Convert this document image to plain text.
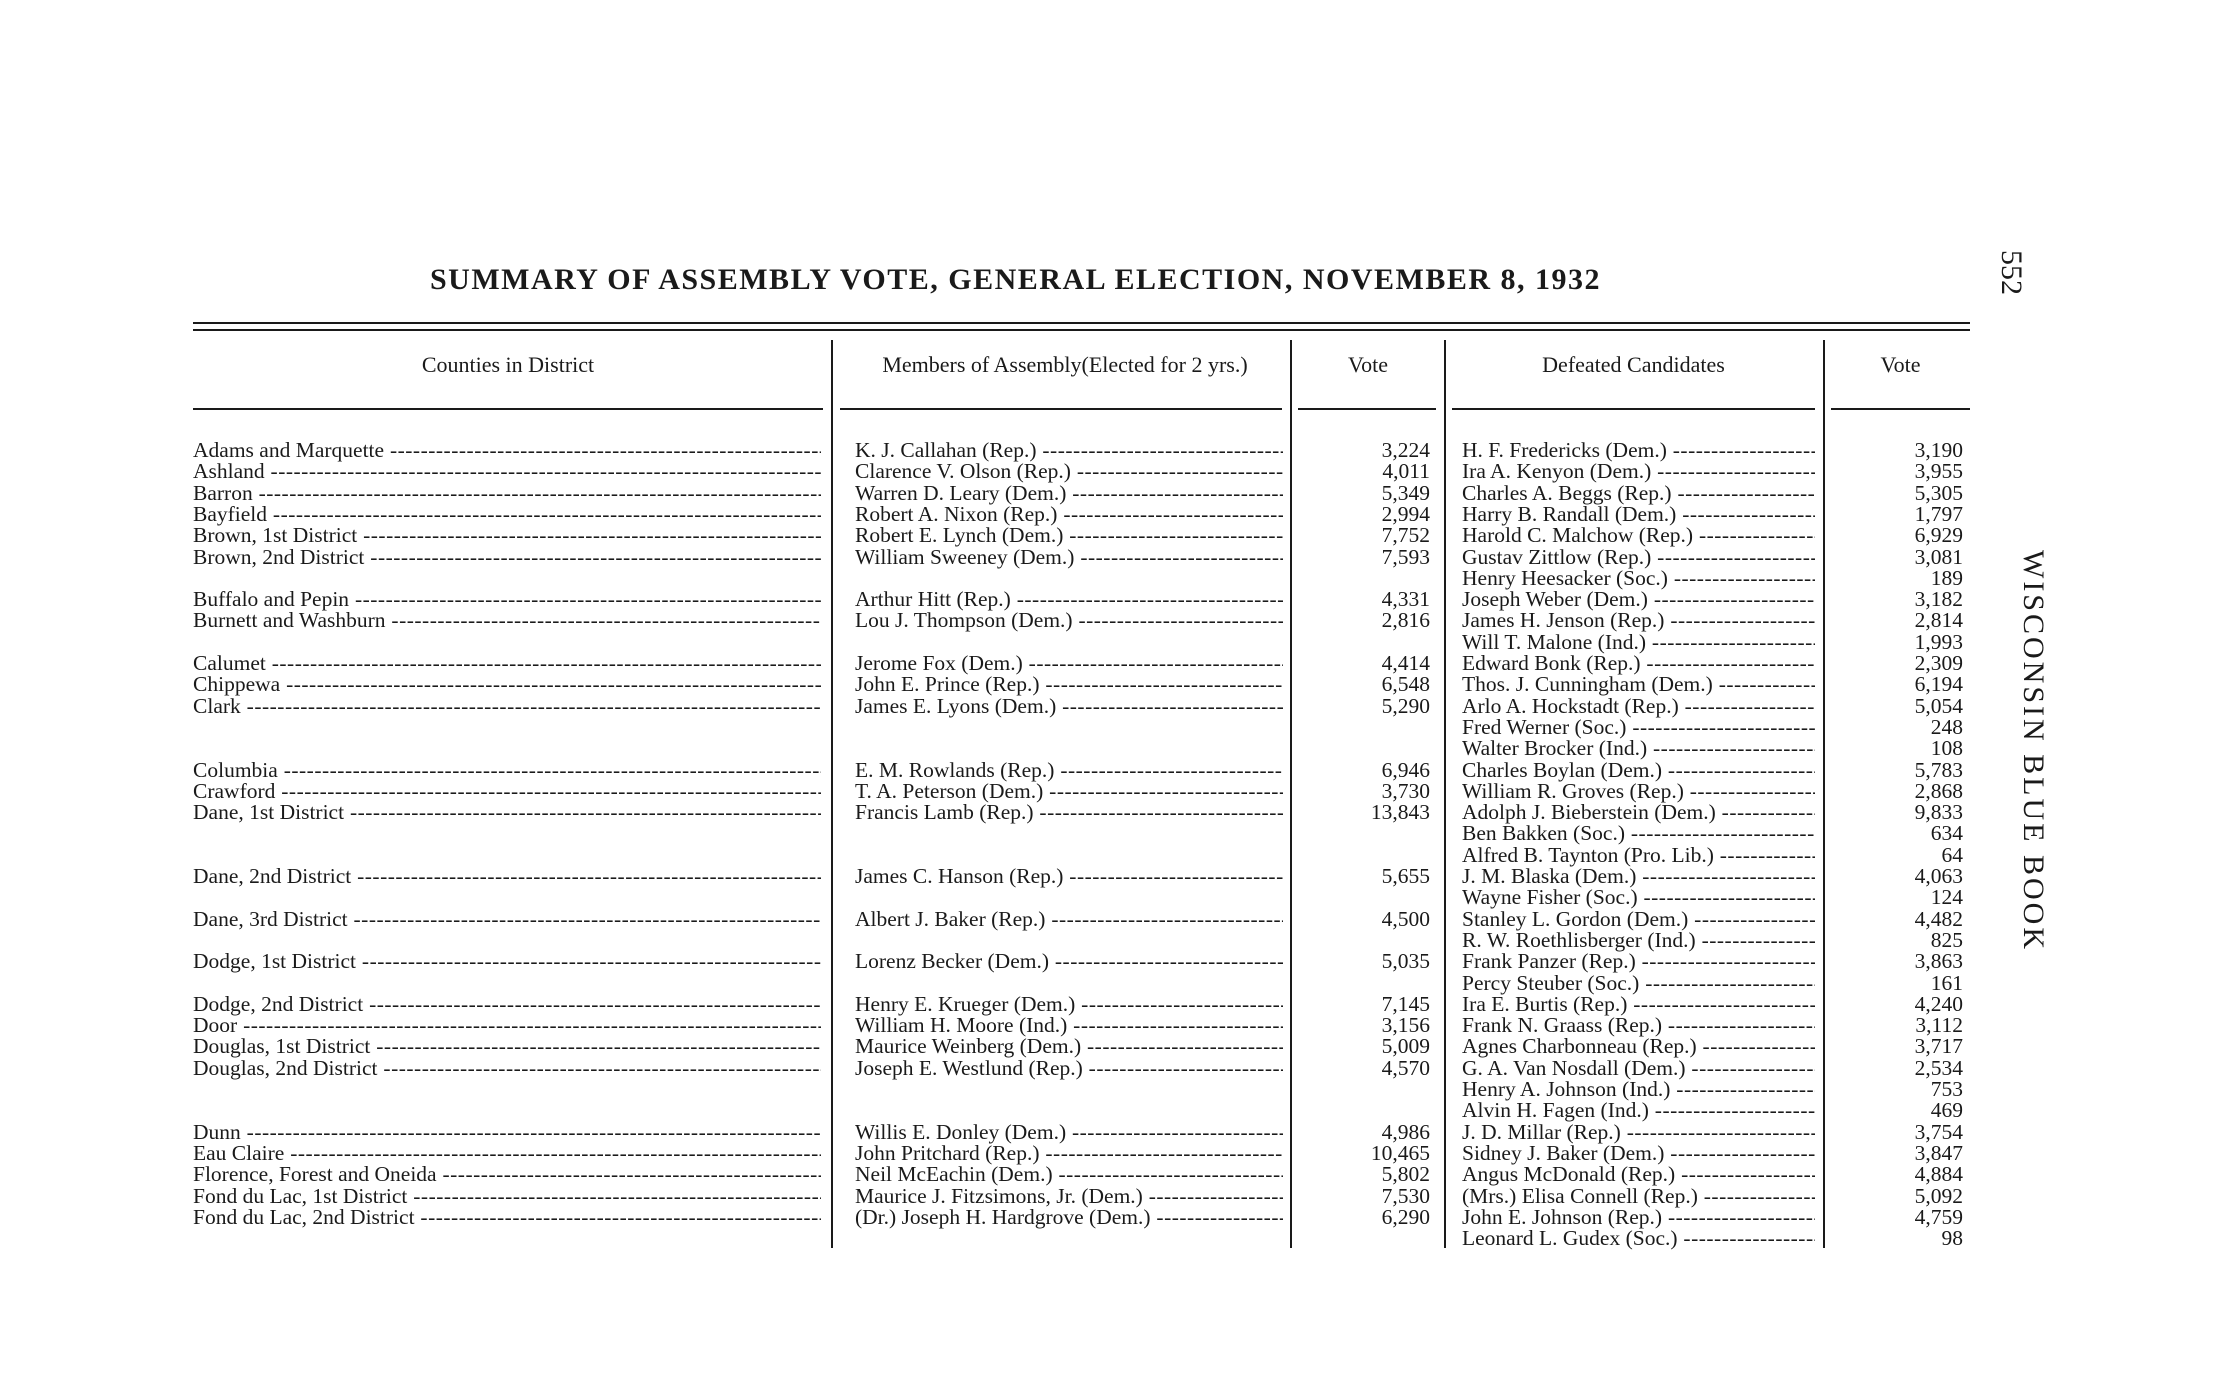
SUMMARY OF ASSEMBLY VOTE, GENERAL ELECTION, NOVEMBER 8, 1932	552
WISCONSIN BLUE BOOK
Counties in District	Members of Assembly(Elected for 2 yrs.)	Vote	Defeated Candidates	Vote
Adams and Marquette -----	K. J. Callahan (Rep.) -----	3,224 H. F. Fredericks (Dem.) -----	3,190
Ashland -----	Clarence V. Olson (Rep.) -----	4,011 Ira A. Kenyon (Dem.) -----	3,955
Barron -----	Warren D. Leary (Dem.) -----	5,349 Charles A. Beggs (Rep.) -----	5,305
Bayfield -----	Robert A. Nixon (Rep.) -----	2,994 Harry B. Randall (Dem.) -----	1,797
Brown, 1st District -----	Robert E. Lynch (Dem.) -----	7,752 Harold C. Malchow (Rep.) -----	6,929
Brown, 2nd District -----	William Sweeney (Dem.) -----	7,593 Gustav Zittlow (Rep.) -----	3,081
Henry Heesacker (Soc.) -----	189
Buffalo and Pepin -----	Arthur Hitt (Rep.) -----	4,331 Joseph Weber (Dem.) -----	3,182
Burnett and Washburn -----	Lou J. Thompson (Dem.) -----	2,816 James H. Jenson (Rep.) -----	2,814
Will T. Malone (Ind.) -----	1,993
Calumet -----	Jerome Fox (Dem.) -----	4,414 Edward Bonk (Rep.) -----	2,309
Chippewa -----	John E. Prince (Rep.) -----	6,548 Thos. J. Cunningham (Dem.) -----	6,194
Clark -----	James E. Lyons (Dem.) -----	5,290 Arlo A. Hockstadt (Rep.) -----	5,054
Fred Werner (Soc.) -----	248
Walter Brocker (Ind.) -----	108
Columbia -----	E. M. Rowlands (Rep.) -----	6,946 Charles Boylan (Dem.) -----	5,783
Crawford -----	T. A. Peterson (Dem.) -----	3,730 William R. Groves (Rep.) -----	2,868
Dane, 1st District -----	Francis Lamb (Rep.) -----	13,843 Adolph J. Bieberstein (Dem.) -----	9,833
Ben Bakken (Soc.) -----	634
Alfred B. Taynton (Pro. Lib.) -----	64
Dane, 2nd District -----	James C. Hanson (Rep.) -----	5,655 J. M. Blaska (Dem.) -----	4,063
Wayne Fisher (Soc.) -----	124
Dane, 3rd District -----	Albert J. Baker (Rep.) -----	4,500 Stanley L. Gordon (Dem.) -----	4,482
R. W. Roethlisberger (Ind.) -----	825
Dodge, 1st District -----	Lorenz Becker (Dem.) -----	5,035 Frank Panzer (Rep.) -----	3,863
Percy Steuber (Soc.) -----	161
Dodge, 2nd District -----	Henry E. Krueger (Dem.) -----	7,145 Ira E. Burtis (Rep.) -----	4,240
Door -----	William H. Moore (Ind.) -----	3,156 Frank N. Graass (Rep.) -----	3,112
Douglas, 1st District -----	Maurice Weinberg (Dem.) -----	5,009 Agnes Charbonneau (Rep.) -----	3,717
Douglas, 2nd District -----	Joseph E. Westlund (Rep.) -----	4,570 G. A. Van Nosdall (Dem.) -----	2,534
Henry A. Johnson (Ind.) -----	753
Alvin H. Fagen (Ind.) -----	469
Dunn -----	Willis E. Donley (Dem.) -----	4,986 J. D. Millar (Rep.) -----	3,754
Eau Claire -----	John Pritchard (Rep.) -----	10,465 Sidney J. Baker (Dem.) -----	3,847
Florence, Forest and Oneida -----	Neil McEachin (Dem.) -----	5,802 Angus McDonald (Rep.) -----	4,884
Fond du Lac, 1st District -----	Maurice J. Fitzsimons, Jr. (Dem.) -----	7,530 (Mrs.) Elisa Connell (Rep.) -----	5,092
Fond du Lac, 2nd District -----	(Dr.) Joseph H. Hardgrove (Dem.) -----	6,290 John E. Johnson (Rep.) -----	4,759
Leonard L. Gudex (Soc.) -----	98
